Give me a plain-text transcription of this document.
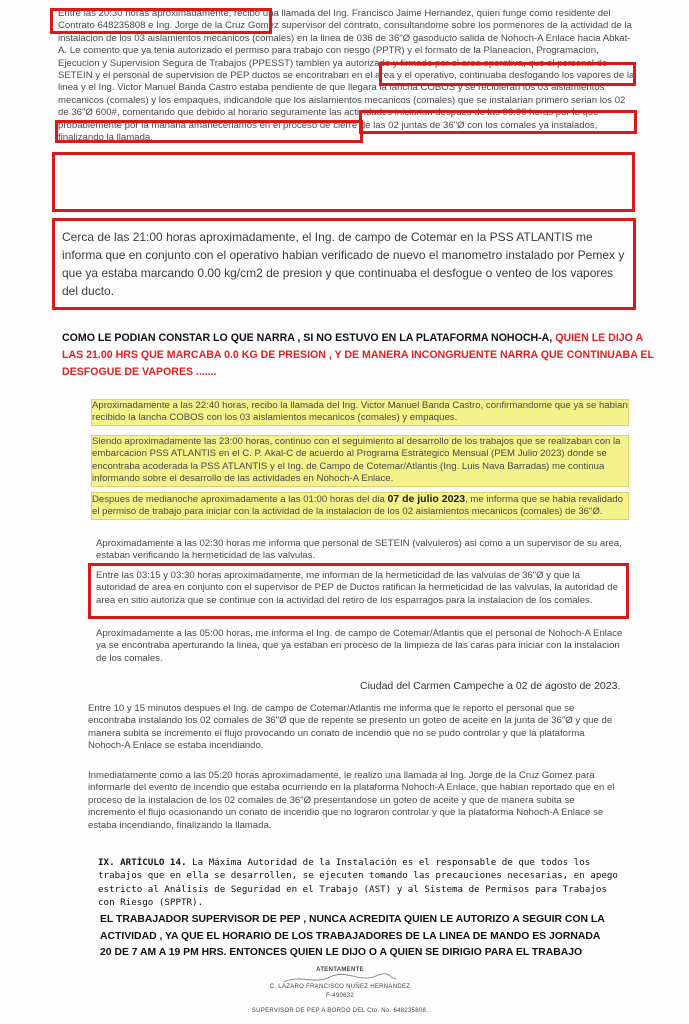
Entre las 20:30 horas aproximadamente, recibo una llamada del Ing. Francisco Jaime Hernandez, quien funge como residente del Contrato 648235808 e Ing. Jorge de la Cruz Gomez supervisor del contrato, consultandome sobre los pormenores de la actividad de la instalacion de los 03 aislamientos mecanicos (comales) en la linea de 036 de 36"Ø gasoducto salida de Nohoch-A Enlace hacia Abkat-A. Le comento que ya tenia autorizado el permiso para trabajo con riesgo (PPTR) y el formato de la Planeacion, Programacion, Ejecucion y Supervision Segura de Trabajos (PPESST) tambien ya autorizado y firmado por el area operativa, que el personal de SETEIN y el personal de supervision de PEP ductos se encontraban en el area y el operativo, continuaba desfogando los vapores de la linea y el Ing. Victor Manuel Banda Castro estaba pendiente de que llegara la lancha COBOS y se recibieran los 03 aislamientos mecanicos (comales) y los empaques, indicandole que los aislamientos mecanicos (comales) que se instalarian primero serian los 02 de 36"Ø 600#, comentando que debido al horario seguramente las actividades iniciarian despues de las 00:00 horas por lo que probablemente por la manana amaneceriamos en el proceso de cierre de las 02 juntas de 36"Ø con los comales ya instalados, finalizando la llamada.

Cerca de las 21:00 horas aproximadamente, el Ing. de campo de Cotemar en la PSS ATLANTIS me informa que en conjunto con el operativo habian verificado de nuevo el manometro instalado por Pemex y que ya estaba marcando 0.00 kg/cm2 de presion y que continuaba el desfogue o venteo de los vapores del ducto.

COMO LE PODIAN CONSTAR LO QUE NARRA , SI NO ESTUVO EN LA PLATAFORMA NOHOCH-A, QUIEN LE DIJO A LAS 21.00 HRS QUE MARCABA 0.0 KG DE PRESION , Y DE MANERA INCONGRUENTE NARRA QUE CONTINUABA EL DESFOGUE DE VAPORES .......

Aproximadamente a las 22:40 horas, recibo la llamada del Ing. Victor Manuel Banda Castro, confirmandome que ya se habian recibido la lancha COBOS con los 03 aislamientos mecanicos (comales) y empaques.

Siendo aproximadamente las 23:00 horas, continuo con el seguimiento al desarrollo de los trabajos que se realizaban con la embarcacion PSS ATLANTIS en el C. P. Akal-C de acuerdo al Programa Estrategico Mensual (PEM Julio 2023) donde se encontraba acoderada la PSS ATLANTIS y el Ing. de Campo de Cotemar/Atlantis (Ing. Luis Nava Barradas) me continua informando sobre el desarrollo de las actividades en Nohoch-A Enlace.

Despues de medianoche aproximadamente a las 01:00 horas del dia 07 de julio 2023, me informa que se habia revalidado el permiso de trabajo para iniciar con la actividad de la instalacion de los 02 aislamientos mecanicos (comales) de 36"Ø.

Aproximadamente a las 02:30 horas me informa que personal de SETEIN (valvuleros) asi como a un supervisor de su area, estaban verificando la hermeticidad de las valvulas.

Entre las 03:15 y 03:30 horas aproximadamente, me informan de la hermeticidad de las valvulas de 36"Ø y que la autoridad de area en conjunto con el supervisor de PEP de Ductos ratifican la hermeticidad de las valvulas, la autoridad de area en sitio autoriza que se continue con la actividad del retiro de los esparragos para la instalacion de los comales.

Aproximadamente a las 05:00 horas, me informa el Ing. de campo de Cotemar/Atlantis que el personal de Nohoch-A Enlace ya se encontraba aperturando la linea, que ya estaban en proceso de la limpieza de las caras para iniciar con la instalacion de los comales.

Ciudad del Carmen Campeche a 02 de agosto de 2023.

Entre 10 y 15 minutos despues el Ing. de campo de Cotemar/Atlantis me informa que le reporto el personal que se encontraba instalando los 02 comales de 36"Ø que de repente se presento un goteo de aceite en la junta de 36"Ø y que de manera subita se incremento el flujo provocando un conato de incendio que no se pudo controlar y que la plataforma Nohoch-A Enlace se estaba incendiando.

Inmediatamente como a las 05:20 horas aproximadamente, le realizo una llamada al Ing. Jorge de la Cruz Gomez para informarle del evento de incendio que estaba ocurriendo en la plataforma Nohoch-A Enlace, que habian reportado que en el proceso de la instalacion de los 02 comales de 36"Ø presentandose un goteo de aceite y que de manera subita se incremento el flujo ocasionando un conato de incendio que no lograron controlar y que la plataforma Nohoch-A Enlace se estaba incendiando, finalizando la llamada.

IX. ARTÍCULO 14. La Máxima Autoridad de la Instalación es el responsable de que todos los trabajos que en ella se desarrollen, se ejecuten tomando las precauciones necesarias, en apego estricto al Análisis de Seguridad en el Trabajo (AST) y al Sistema de Permisos para Trabajos con Riesgo (SPPTR).

EL TRABAJADOR SUPERVISOR DE PEP , NUNCA ACREDITA QUIEN LE AUTORIZO A SEGUIR CON LA ACTIVIDAD , YA QUE EL HORARIO DE LOS TRABAJADORES DE LA LINEA DE MANDO ES JORNADA 20 DE 7 AM A 19 PM HRS. ENTONCES QUIEN LE DIJO O A QUIEN SE DIRIGIO PARA EL TRABAJO

ATENTAMENTE
C. LAZARO FRANCISCO NUÑEZ HERNANDEZ
F-490632
SUPERVISOR DE PEP A BORDO DEL Cto. No. 648235808.
